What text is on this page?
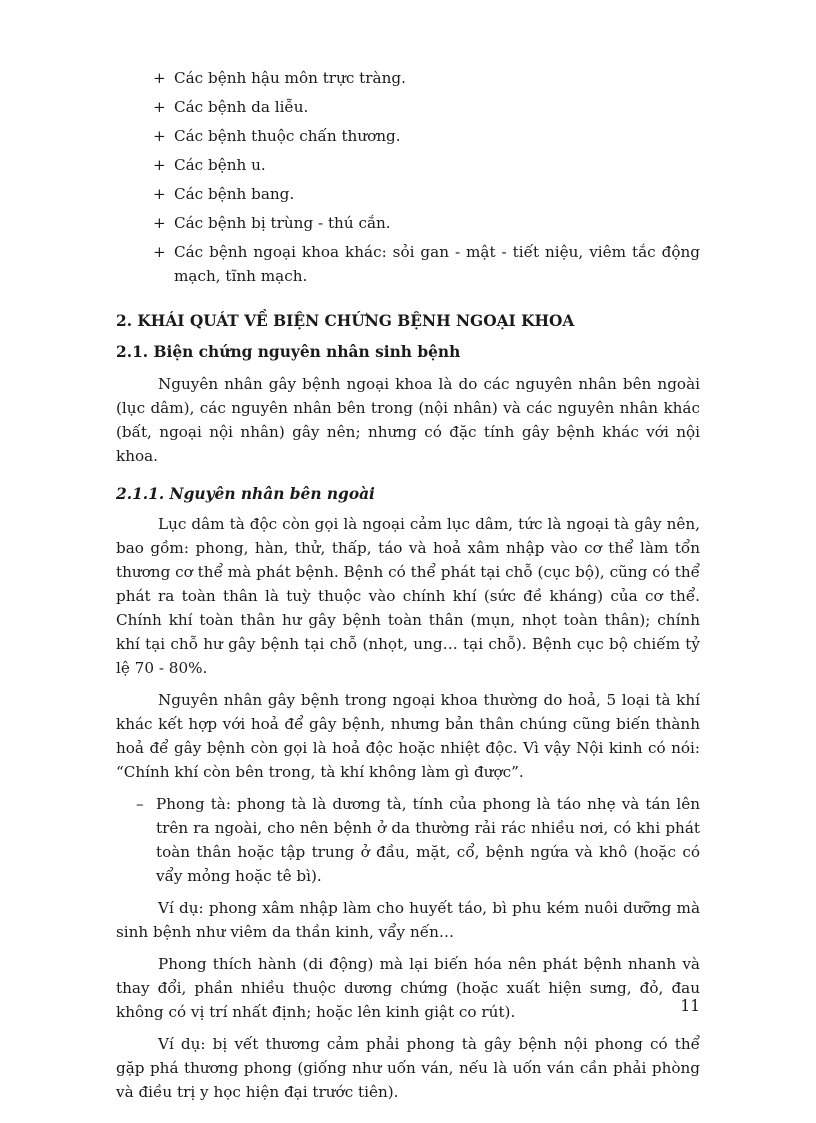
+ Các bệnh hậu môn trực tràng.
+ Các bệnh da liễu.
+ Các bệnh thuộc chấn thương.
+ Các bệnh u.
+ Các bệnh bang.
+ Các bệnh bị trùng - thú cắn.
+ Các bệnh ngoại khoa khác: sỏi gan - mật - tiết niệu, viêm tắc động mạch, tĩnh mạch.
2. KHÁI QUÁT VỀ BIỆN CHỨNG BỆNH NGOẠI KHOA
2.1. Biện chứng nguyên nhân sinh bệnh

Nguyên nhân gây bệnh ngoại khoa là do các nguyên nhân bên ngoài (lục dâm), các nguyên nhân bên trong (nội nhân) và các nguyên nhân khác (bất, ngoại nội nhân) gây nên; nhưng có đặc tính gây bệnh khác với nội khoa.

2.1.1. Nguyên nhân bên ngoài

Lục dâm tà độc còn gọi là ngoại cảm lục dâm, tức là ngoại tà gây nên, bao gồm: phong, hàn, thử, thấp, táo và hoả xâm nhập vào cơ thể làm tổn thương cơ thể mà phát bệnh. Bệnh có thể phát tại chỗ (cục bộ), cũng có thể phát ra toàn thân là tuỳ thuộc vào chính khí (sức đề kháng) của cơ thể. Chính khí toàn thân hư gây bệnh toàn thân (mụn, nhọt toàn thân); chính khí tại chỗ hư gây bệnh tại chỗ (nhọt, ung… tại chỗ). Bệnh cục bộ chiếm tỷ lệ 70 - 80%.

Nguyên nhân gây bệnh trong ngoại khoa thường do hoả, 5 loại tà khí khác kết hợp với hoả để gây bệnh, nhưng bản thân chúng cũng biến thành hoả để gây bệnh còn gọi là hoả độc hoặc nhiệt độc. Vì vậy Nội kinh có nói: “Chính khí còn bên trong, tà khí không làm gì được”.

– Phong tà: phong tà là dương tà, tính của phong là táo nhẹ và tán lên trên ra ngoài, cho nên bệnh ở da thường rải rác nhiều nơi, có khi phát toàn thân hoặc tập trung ở đầu, mặt, cổ, bệnh ngứa và khô (hoặc có vẩy mỏng hoặc tê bì).

Ví dụ: phong xâm nhập làm cho huyết táo, bì phu kém nuôi dưỡng mà sinh bệnh như viêm da thần kinh, vẩy nến…

Phong thích hành (di động) mà lại biến hóa nên phát bệnh nhanh và thay đổi, phần nhiều thuộc dương chứng (hoặc xuất hiện sưng, đỏ, đau không có vị trí nhất định; hoặc lên kinh giật co rút).

Ví dụ: bị vết thương cảm phải phong tà gây bệnh nội phong có thể gặp phá thương phong (giống như uốn ván, nếu là uốn ván cần phải phòng và điều trị y học hiện đại trước tiên).

11
